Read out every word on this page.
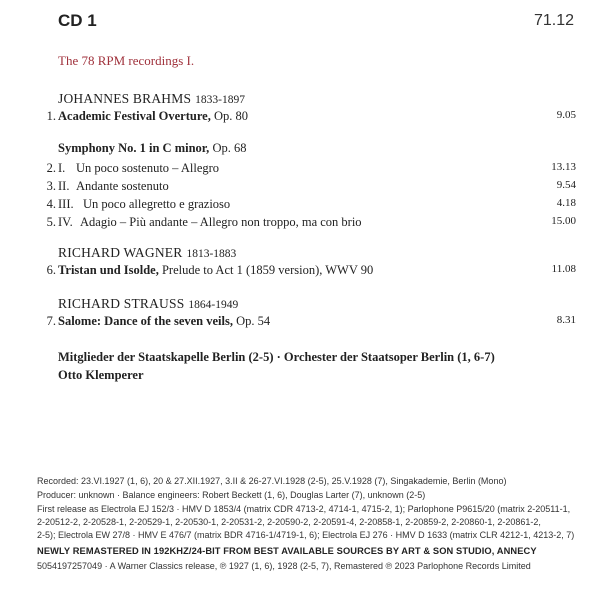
CD 1	71.12
The 78 RPM recordings I.
JOHANNES BRAHMS 1833-1897
1. Academic Festival Overture, Op. 80	9.05
Symphony No. 1 in C minor, Op. 68
2. I. Un poco sostenuto – Allegro	13.13
3. II. Andante sostenuto	9.54
4. III. Un poco allegretto e grazioso	4.18
5. IV. Adagio – Più andante – Allegro non troppo, ma con brio	15.00
RICHARD WAGNER 1813-1883
6. Tristan und Isolde, Prelude to Act 1 (1859 version), WWV 90	11.08
RICHARD STRAUSS 1864-1949
7. Salome: Dance of the seven veils, Op. 54	8.31
Mitglieder der Staatskapelle Berlin (2-5) · Orchester der Staatsoper Berlin (1, 6-7)
Otto Klemperer
Recorded: 23.VI.1927 (1, 6), 20 & 27.XII.1927, 3.II & 26-27.VI.1928 (2-5), 25.V.1928 (7), Singakademie, Berlin (Mono)
Producer: unknown · Balance engineers: Robert Beckett (1, 6), Douglas Larter (7), unknown (2-5)
First release as Electrola EJ 152/3 · HMV D 1853/4 (matrix CDR 4713-2, 4714-1, 4715-2, 1); Parlophone P9615/20 (matrix 2-20511-1,
2-20512-2, 2-20528-1, 2-20529-1, 2-20530-1, 2-20531-2, 2-20590-2, 2-20591-4, 2-20858-1, 2-20859-2, 2-20860-1, 2-20861-2,
2-5); Electrola EW 27/8 · HMV E 476/7 (matrix BDR 4716-1/4719-1, 6); Electrola EJ 276 · HMV D 1633 (matrix CLR 4212-1, 4213-2, 7)
NEWLY REMASTERED IN 192KHZ/24-BIT FROM BEST AVAILABLE SOURCES BY ART & SON STUDIO, ANNECY
5054197257049 · A Warner Classics release, ℗ 1927 (1, 6), 1928 (2-5, 7), Remastered ℗ 2023 Parlophone Records Limited
